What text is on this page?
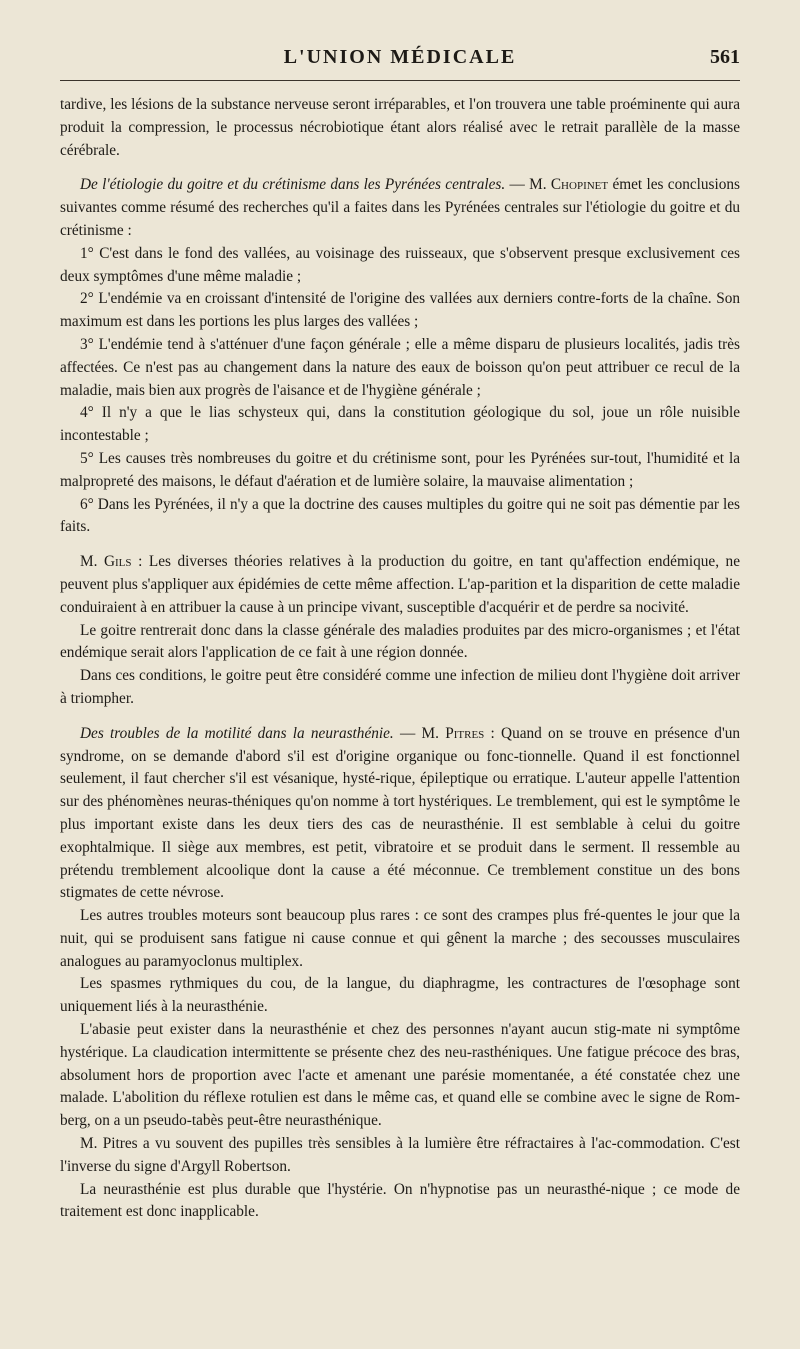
L'UNION MÉDICALE	561

tardive, les lésions de la substance nerveuse seront irréparables, et l'on trouvera une table proéminente qui aura produit la compression, le processus nécrobiotique étant alors réalisé avec le retrait parallèle de la masse cérébrale.

De l'étiologie du goitre et du crétinisme dans les Pyrénées centrales. — M. Chopinet émet les conclusions suivantes comme résumé des recherches qu'il a faites dans les Pyrénées centrales sur l'étiologie du goitre et du crétinisme :

1° C'est dans le fond des vallées, au voisinage des ruisseaux, que s'observent presque exclusivement ces deux symptômes d'une même maladie ;

2° L'endémie va en croissant d'intensité de l'origine des vallées aux derniers contre-forts de la chaîne. Son maximum est dans les portions les plus larges des vallées ;

3° L'endémie tend à s'atténuer d'une façon générale ; elle a même disparu de plusieurs localités, jadis très affectées. Ce n'est pas au changement dans la nature des eaux de boisson qu'on peut attribuer ce recul de la maladie, mais bien aux progrès de l'aisance et de l'hygiène générale ;

4° Il n'y a que le lias schysteux qui, dans la constitution géologique du sol, joue un rôle nuisible incontestable ;

5° Les causes très nombreuses du goitre et du crétinisme sont, pour les Pyrénées sur-tout, l'humidité et la malpropreté des maisons, le défaut d'aération et de lumière solaire, la mauvaise alimentation ;

6° Dans les Pyrénées, il n'y a que la doctrine des causes multiples du goitre qui ne soit pas démentie par les faits.

M. Gils : Les diverses théories relatives à la production du goitre, en tant qu'affection endémique, ne peuvent plus s'appliquer aux épidémies de cette même affection. L'ap-parition et la disparition de cette maladie conduiraient à en attribuer la cause à un principe vivant, susceptible d'acquérir et de perdre sa nocivité.

Le goitre rentrerait donc dans la classe générale des maladies produites par des micro-organismes ; et l'état endémique serait alors l'application de ce fait à une région donnée.

Dans ces conditions, le goitre peut être considéré comme une infection de milieu dont l'hygiène doit arriver à triompher.

Des troubles de la motilité dans la neurasthénie. — M. Pitres : Quand on se trouve en présence d'un syndrome, on se demande d'abord s'il est d'origine organique ou fonc-tionnelle. Quand il est fonctionnel seulement, il faut chercher s'il est vésanique, hysté-rique, épileptique ou erratique. L'auteur appelle l'attention sur des phénomènes neuras-théniques qu'on nomme à tort hystériques. Le tremblement, qui est le symptôme le plus important existe dans les deux tiers des cas de neurasthénie. Il est semblable à celui du goitre exophtalmique. Il siège aux membres, est petit, vibratoire et se produit dans le serment. Il ressemble au prétendu tremblement alcoolique dont la cause a été méconnue. Ce tremblement constitue un des bons stigmates de cette névrose.

Les autres troubles moteurs sont beaucoup plus rares : ce sont des crampes plus fré-quentes le jour que la nuit, qui se produisent sans fatigue ni cause connue et qui gênent la marche ; des secousses musculaires analogues au paramyoclonus multiplex.

Les spasmes rythmiques du cou, de la langue, du diaphragme, les contractures de l'œsophage sont uniquement liés à la neurasthénie.

L'abasie peut exister dans la neurasthénie et chez des personnes n'ayant aucun stig-mate ni symptôme hystérique. La claudication intermittente se présente chez des neu-rasthéniques. Une fatigue précoce des bras, absolument hors de proportion avec l'acte et amenant une parésie momentanée, a été constatée chez une malade. L'abolition du réflexe rotulien est dans le même cas, et quand elle se combine avec le signe de Rom-berg, on a un pseudo-tabès peut-être neurasthénique.

M. Pitres a vu souvent des pupilles très sensibles à la lumière être réfractaires à l'ac-commodation. C'est l'inverse du signe d'Argyll Robertson.

La neurasthénie est plus durable que l'hystérie. On n'hypnotise pas un neurasthé-nique ; ce mode de traitement est donc inapplicable.
